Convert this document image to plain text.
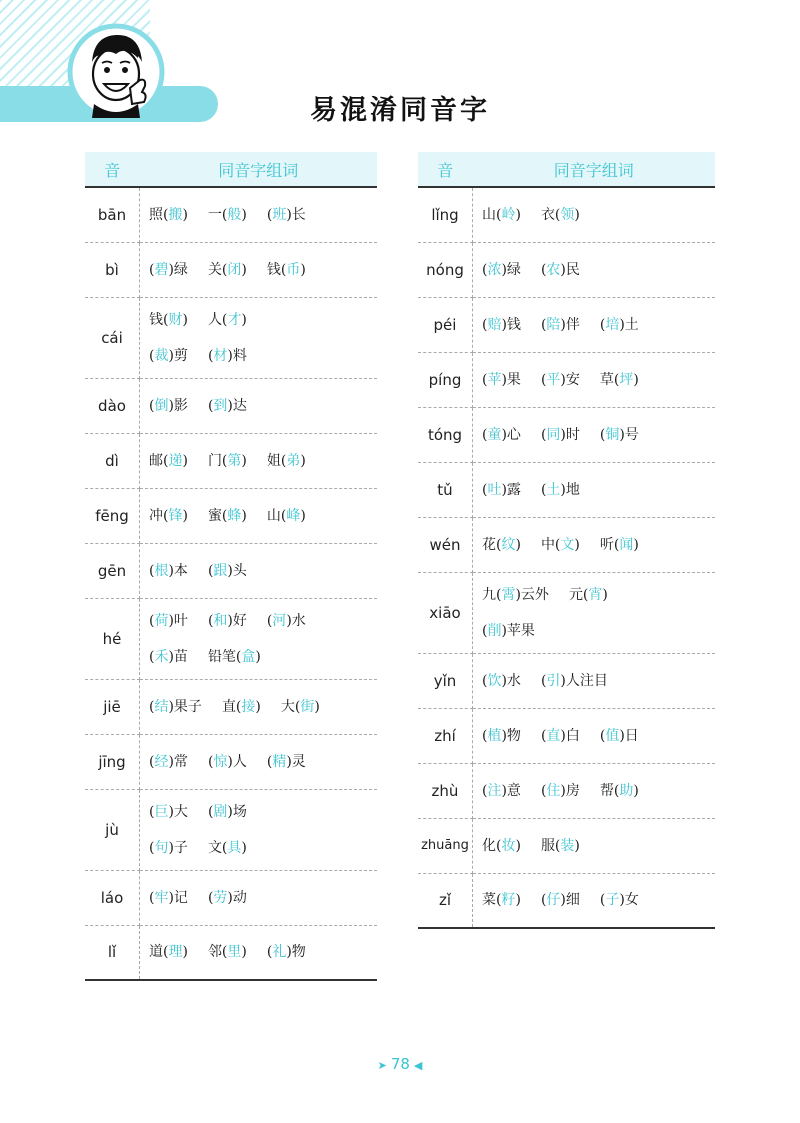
易混淆同音字
音	同音字组词
bān	照(搬) 一(般) (班)长

bì	(碧)绿 关(闭) 钱(币)

cái	钱(财) 人(才)
(裁)剪 (材)料

dào	(倒)影 (到)达

dì	邮(递) 门(第) 姐(弟)

fēng	冲(锋) 蜜(蜂) 山(峰)

gēn	(根)本 (跟)头

hé	(荷)叶 (和)好 (河)水
(禾)苗 铅笔(盒)

jiē	(结)果子 直(接) 大(街)

jīng	(经)常 (惊)人 (精)灵

jù	(巨)大 (剧)场
(句)子 文(具)

láo	(牢)记 (劳)动

lǐ	道(理) 邻(里) (礼)物
音	同音字组词
lǐng	山(岭) 衣(领)

nóng	(浓)绿 (农)民

péi	(赔)钱 (陪)伴 (培)土

píng	(苹)果 (平)安 草(坪)

tóng	(童)心 (同)时 (铜)号

tǔ	(吐)露 (土)地

wén	花(纹) 中(文) 听(闻)

xiāo	九(霄)云外 元(宵)
(削)苹果

yǐn	(饮)水 (引)人注目

zhí	(植)物 (直)白 (值)日

zhù	(注)意 (住)房 帮(助)

zhuāng	化(妆) 服(装)

zǐ	菜(籽) (仔)细 (子)女
➤ 78 ◀
